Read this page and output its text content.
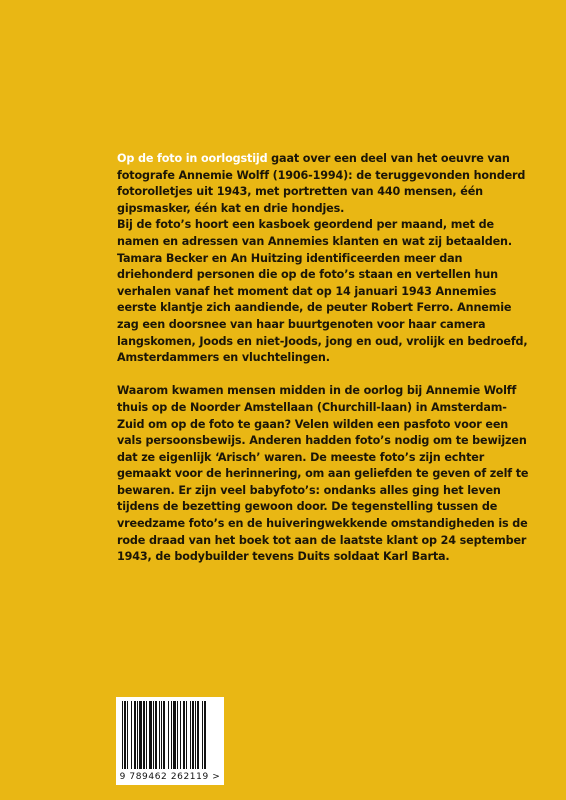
Op de foto in oorlogstijd gaat over een deel van het oeuvre van fotografe Annemie Wolff (1906-1994): de teruggevonden honderd fotorolletjes uit 1943, met portretten van 440 mensen, één gipsmasker, één kat en drie hondjes.

Bij de foto’s hoort een kasboek geordend per maand, met de namen en adressen van Annemies klanten en wat zij betaalden. Tamara Becker en An Huitzing identificeerden meer dan driehonderd personen die op de foto’s staan en vertellen hun verhalen vanaf het moment dat op 14 januari 1943 Annemies eerste klantje zich aandiende, de peuter Robert Ferro. Annemie zag een doorsnee van haar buurtgenoten voor haar camera langskomen, Joods en niet-Joods, jong en oud, vrolijk en bedroefd, Amsterdammers en vluchtelingen.

Waarom kwamen mensen midden in de oorlog bij Annemie Wolff thuis op de Noorder Amstellaan (Churchill-laan) in Amsterdam-Zuid om op de foto te gaan? Velen wilden een pasfoto voor een vals persoonsbewijs. Anderen hadden foto’s nodig om te bewijzen dat ze eigenlijk ‘Arisch’ waren. De meeste foto’s zijn echter gemaakt voor de herinnering, om aan geliefden te geven of zelf te bewaren. Er zijn veel babyfoto’s: ondanks alles ging het leven tijdens de bezetting gewoon door. De tegenstelling tussen de vreedzame foto’s en de huiveringwekkende omstandigheden is de rode draad van het boek tot aan de laatste klant op 24 september 1943, de bodybuilder tevens Duits soldaat Karl Barta.

9 789462 262119 >
